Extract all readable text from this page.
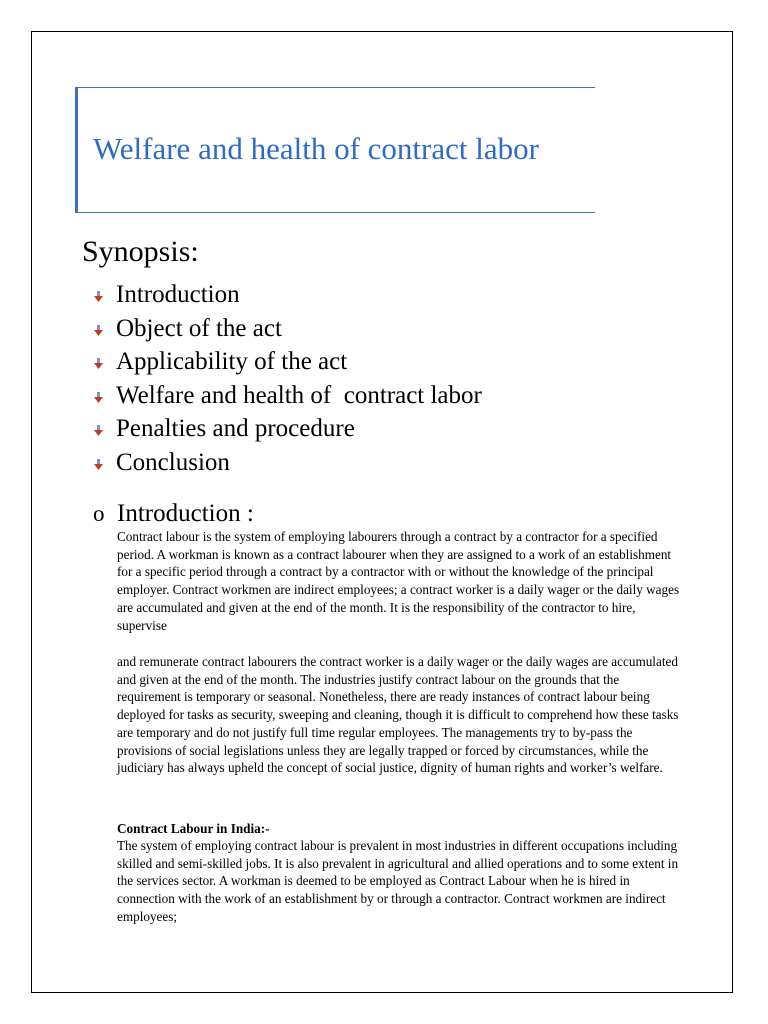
Welfare and health of contract labor
Synopsis:
Introduction
Object of the act
Applicability of the act
Welfare and health of  contract labor
Penalties and procedure
Conclusion
o Introduction :

Contract labour is the system of employing labourers through a contract by a contractor for a specified period. A workman is known as a contract labourer when they are assigned to a work of an establishment for a specific period through a contract by a contractor with or without the knowledge of the principal employer. Contract workmen are indirect employees; a contract worker is a daily wager or the daily wages are accumulated and given at the end of the month. It is the responsibility of the contractor to hire, supervise

and remunerate contract labourers the contract worker is a daily wager or the daily wages are accumulated and given at the end of the month. The industries justify contract labour on the grounds that the requirement is temporary or seasonal. Nonetheless, there are ready instances of contract labour being deployed for tasks as security, sweeping and cleaning, though it is difficult to comprehend how these tasks are temporary and do not justify full time regular employees. The managements try to by-pass the provisions of social legislations unless they are legally trapped or forced by circumstances, while the judiciary has always upheld the concept of social justice, dignity of human rights and worker’s welfare.

Contract Labour in India:-

The system of employing contract labour is prevalent in most industries in different occupations including skilled and semi-skilled jobs. It is also prevalent in agricultural and allied operations and to some extent in the services sector. A workman is deemed to be employed as Contract Labour when he is hired in connection with the work of an establishment by or through a contractor. Contract workmen are indirect employees;
